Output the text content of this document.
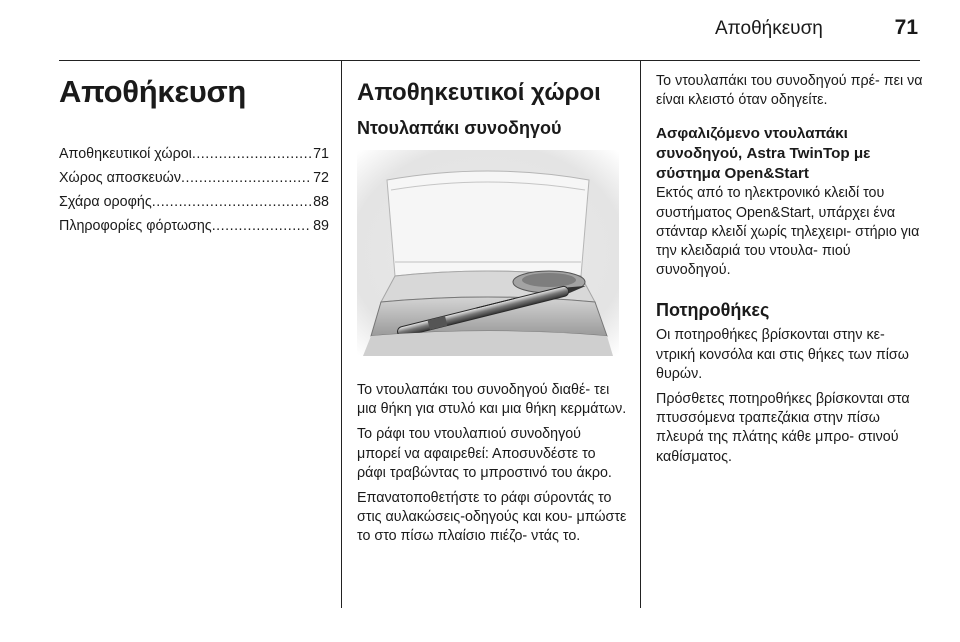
Αποθήκευση	71
Αποθήκευση
Αποθηκευτικοί χώροι .....	71
Χώρος αποσκευών .....	72
Σχάρα οροφής .....	88
Πληροφορίες φόρτωσης .....	89
Αποθηκευτικοί χώροι
Ντουλαπάκι συνοδηγού

Το ντουλαπάκι του συνοδηγού διαθέ- τει μια θήκη για στυλό και μια θήκη κερμάτων.

Το ράφι του ντουλαπιού συνοδηγού μπορεί να αφαιρεθεί: Αποσυνδέστε το ράφι τραβώντας το μπροστινό του άκρο.

Επανατοποθετήστε το ράφι σύροντάς το στις αυλακώσεις-οδηγούς και κου- μπώστε το στο πίσω πλαίσιο πιέζο- ντάς το.

Το ντουλαπάκι του συνοδηγού πρέ- πει να είναι κλειστό όταν οδηγείτε.

Ασφαλιζόμενο ντουλαπάκι συνοδηγού, Astra TwinTop με σύστημα Open&Start

Εκτός από το ηλεκτρονικό κλειδί του συστήματος Open&Start, υπάρχει ένα στάνταρ κλειδί χωρίς τηλεχειρι- στήριο για την κλειδαριά του ντουλα- πιού συνοδηγού.

Ποτηροθήκες

Οι ποτηροθήκες βρίσκονται στην κε- ντρική κονσόλα και στις θήκες των πίσω θυρών.

Πρόσθετες ποτηροθήκες βρίσκονται στα πτυσσόμενα τραπεζάκια στην πίσω πλευρά της πλάτης κάθε μπρο- στινού καθίσματος.
